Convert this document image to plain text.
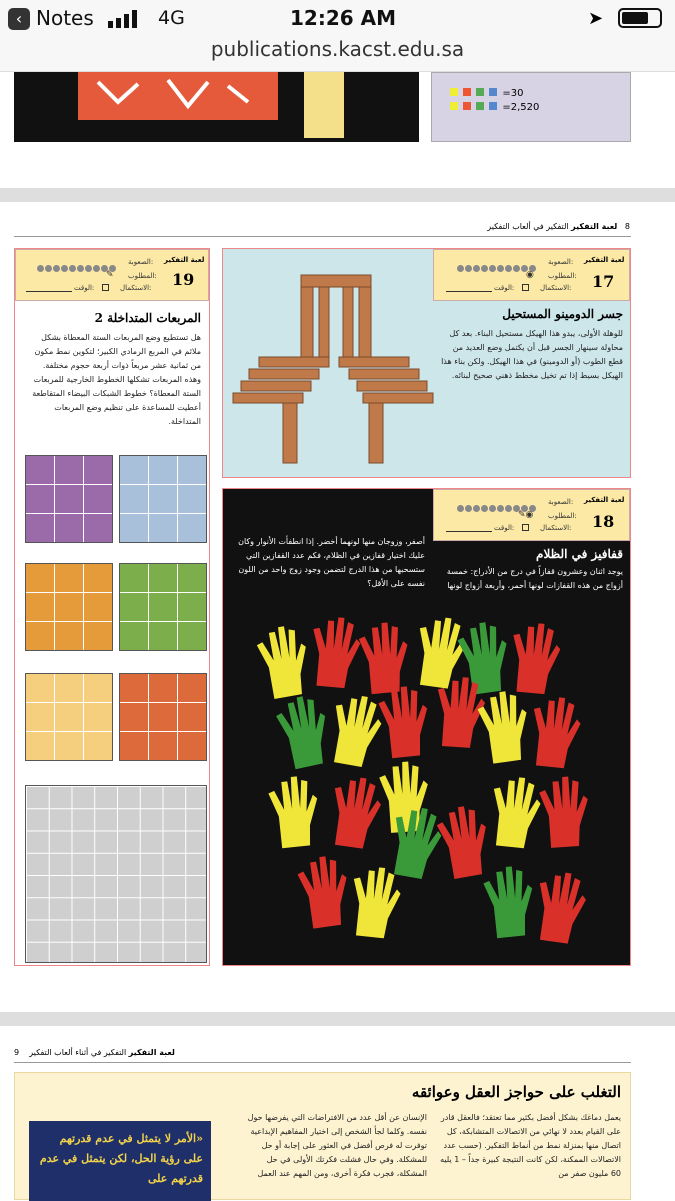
‹ Notes	4G	12:26 AM	➤
publications.kacst.edu.sa
=30
=2,520
8   لعبة التفكير التفكير في ألعاب التفكير
لعبة التفكير
19
الصعوبة:
المطلوب:
✎
الاستكمال:
الوقت:
المربعات المتداخلة 2
هل تستطيع وضع المربعات الستة المعطاة بشكل ملائم في المربع الرمادي الكبير؛ لتكوين نمط مكون من ثمانية عشر مربعاً ذوات أربعة حجوم مختلفة. وهذه المربعات تشكلها الخطوط الخارجية للمربعات الستة المعطاة؟ خطوط الشبكات البيضاء المتقاطعة أعطيت للمساعدة على تنظيم وضع المربعات المتداخلة.
لعبة التفكير
17
الصعوبة:
المطلوب:
◉
الاستكمال:
الوقت:
جسر الدومينو المستحيل
للوهلة الأولى، يبدو هذا الهيكل مستحيل البناء. بعد كل محاولة سينهار الجسر قبل أن يكتمل وضع العديد من قطع الطوب (أو الدومينو) في هذا الهيكل. ولكن بناء هذا الهيكل بسيط إذا تم تخيل مخطط ذهني صحيح لبنائه.
لعبة التفكير
18
الصعوبة:
المطلوب:
✎◉
الاستكمال:
الوقت:
قفافيز في الظلام
يوجد اثنان وعشرون قفازاً في درج من الأدراج: خمسة أزواج من هذه القفازات لونها أحمر، وأربعة أزواج لونها
أصفر، وزوجان منها لونهما أخضر. إذا انطفأت الأنوار وكان عليك اختيار قفازين في الظلام، فكم عدد القفازين التي ستسحبها من هذا الدرج لتضمن وجود زوج واحد من اللون نفسه على الأقل؟
9	لعبة التفكير التفكير في أثناء ألعاب التفكير
التغلب على حواجز العقل وعوائقه
يعمل دماغك بشكل أفضل بكثير مما تعتقد؛ فالعقل قادر على القيام بعدد لا نهائي من الاتصالات المتشابكة، كل اتصال منها بمنزلة نمط من أنماط التفكير. (حسب عدد الاتصالات الممكنة، لكن كانت النتيجة كبيرة جداً – 1 يليه 60 مليون صفر من
الإنسان عن أقل عدد من الافتراضات التي يفرضها حول نفسه. وكلما لجأ الشخص إلى اختيار المفاهيم الإبداعية توفرت له فرص أفضل في العثور على إجابة أو حل للمشكلة. وفي حال فشلت فكرتك الأولى في حل المشكلة، فجرب فكرة أخرى، ومن المهم عند العمل
«الأمر لا يتمثل في عدم قدرتهم على رؤية الحل، لكن يتمثل في عدم قدرتهم على
